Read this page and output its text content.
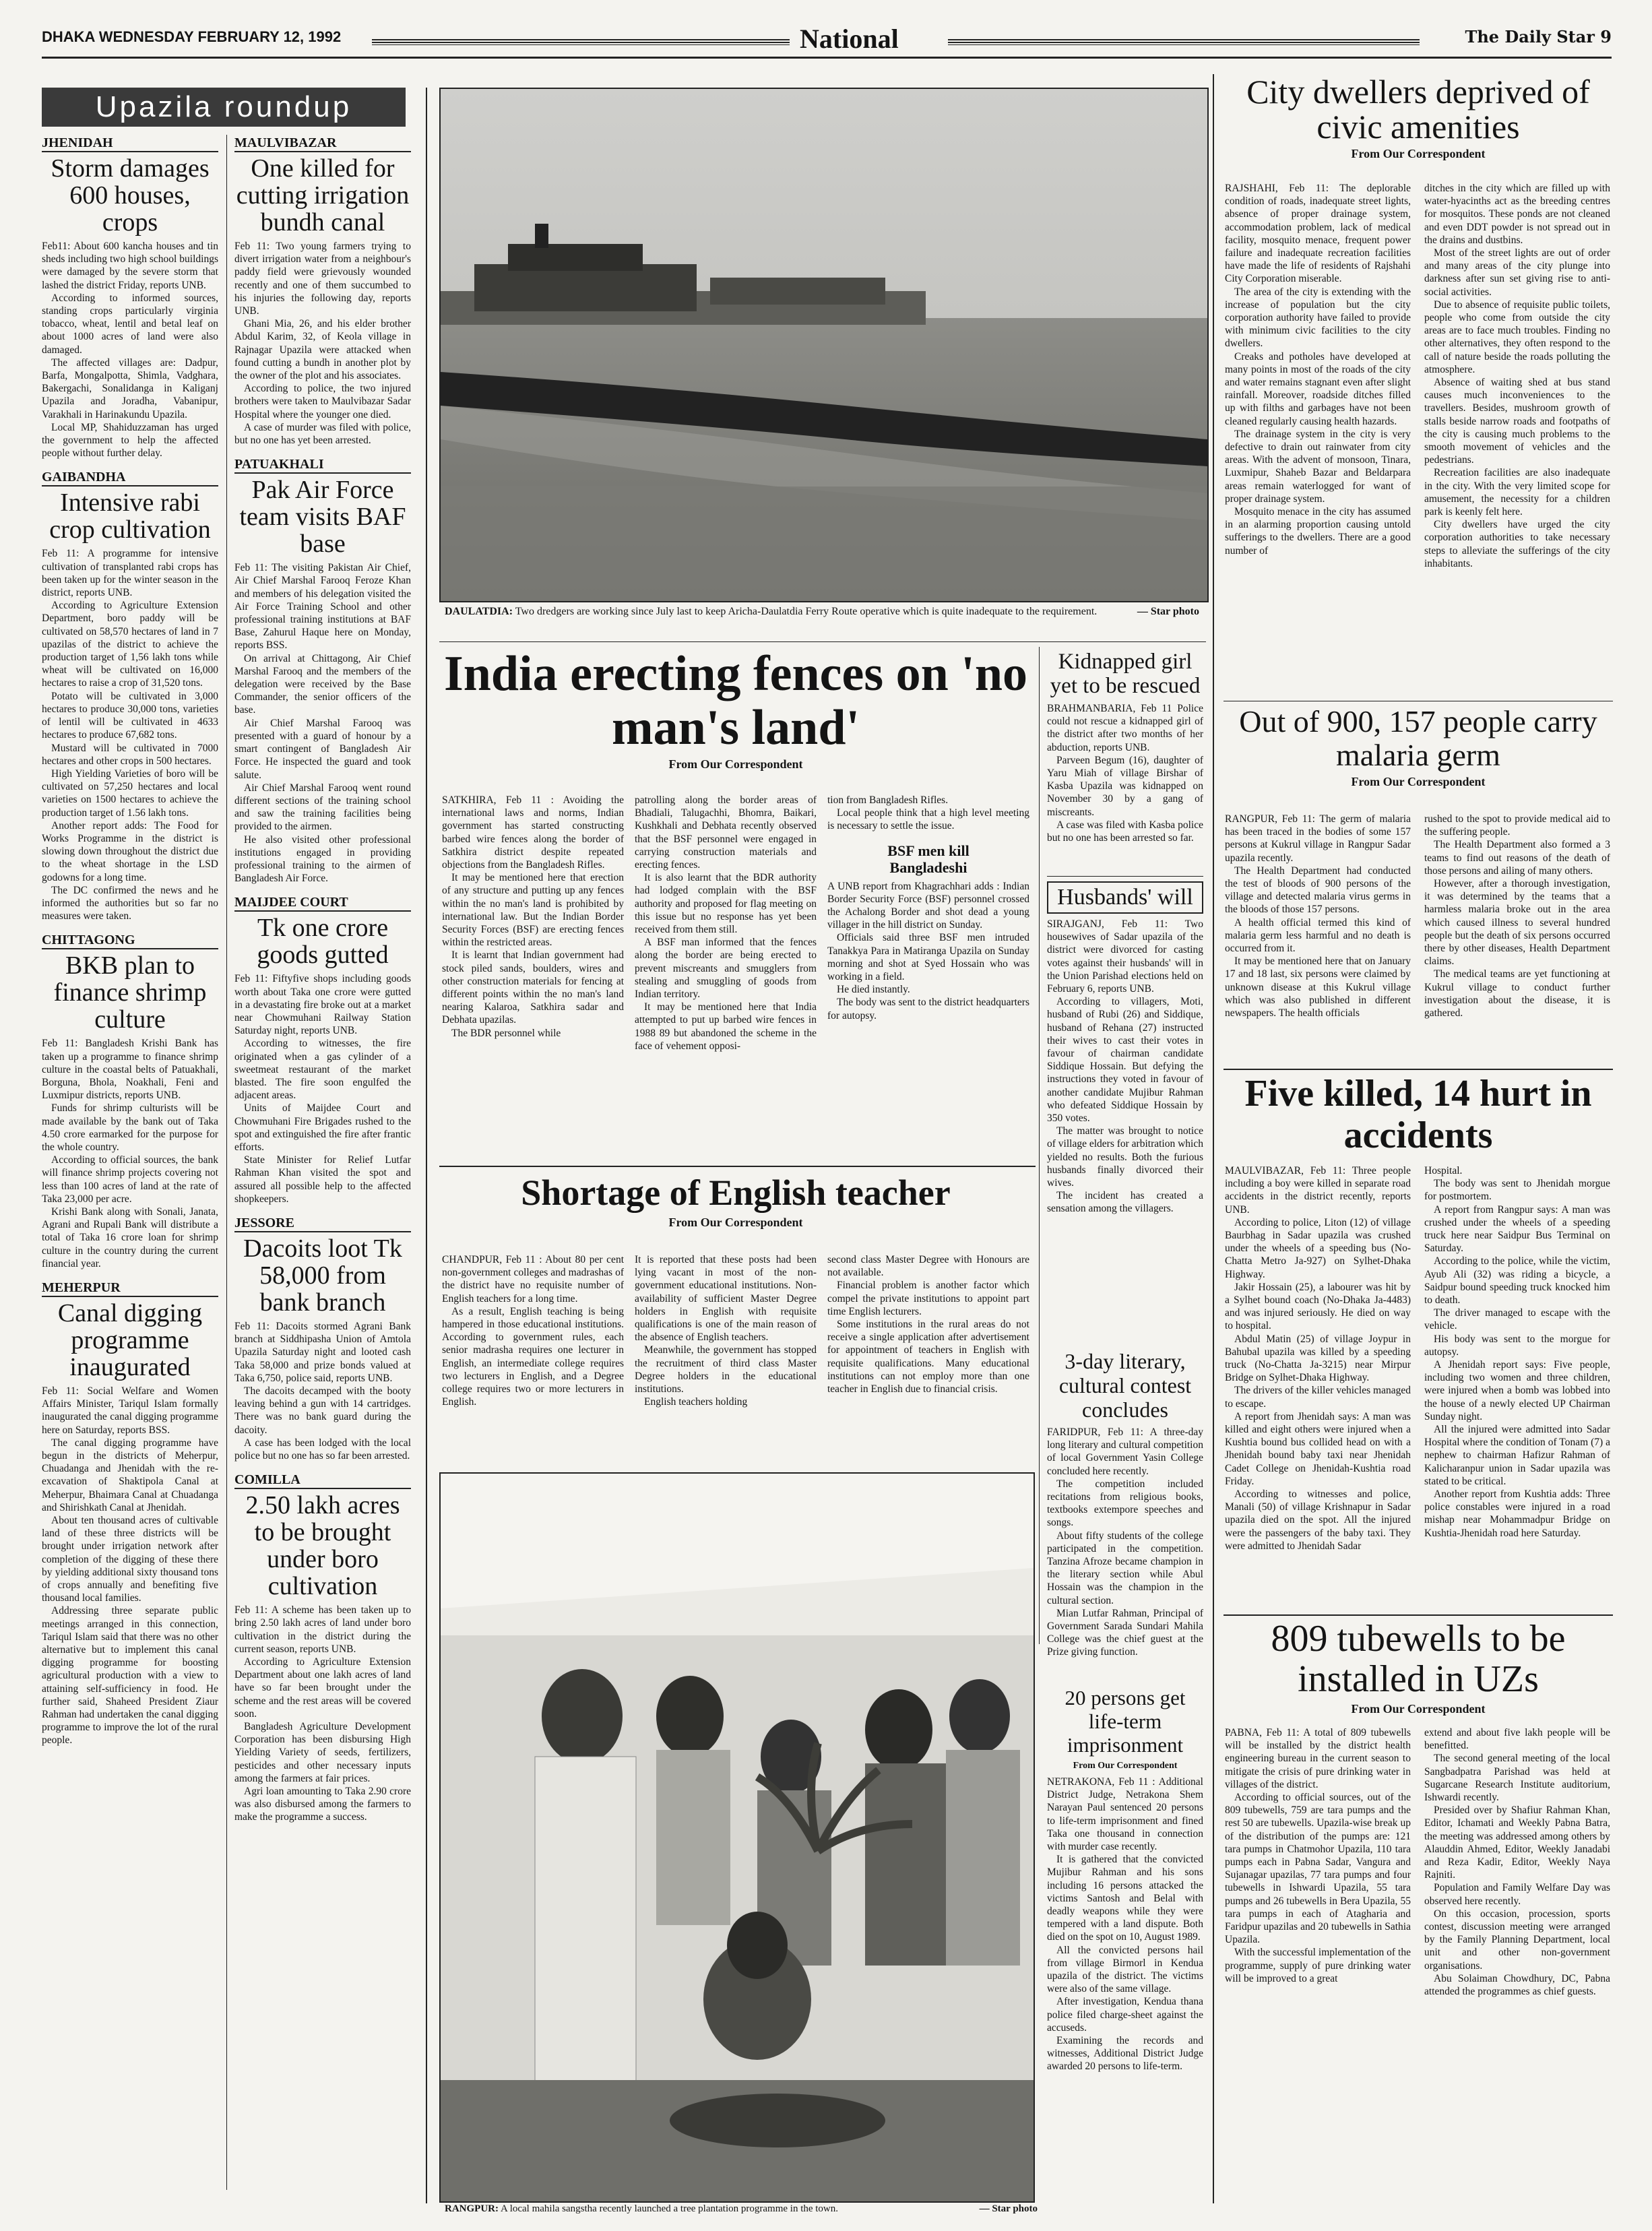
DHAKA WEDNESDAY FEBRUARY 12, 1992	National	The Daily Star 9
Upazila roundup
JHENIDAH
Storm damages 600 houses, crops

Feb11: About 600 kancha houses and tin sheds including two high school buildings were damaged by the severe storm that lashed the district Friday, reports UNB.

According to informed sources, standing crops particularly virginia tobacco, wheat, lentil and betal leaf on about 1000 acres of land were also damaged.

The affected villages are: Dadpur, Barfa, Mongalpotta, Shimla, Vadghara, Bakergachi, Sonalidanga in Kaliganj Upazila and Joradha, Vabanipur, Varakhali in Harinakundu Upazila.

Local MP, Shahiduzzaman has urged the government to help the affected people without further delay.

GAIBANDHA
Intensive rabi crop cultivation

Feb 11: A programme for intensive cultivation of transplanted rabi crops has been taken up for the winter season in the district, reports UNB.

According to Agriculture Extension Department, boro paddy will be cultivated on 58,570 hectares of land in 7 upazilas of the district to achieve the production target of 1,56 lakh tons while wheat will be cultivated on 16,000 hectares to raise a crop of 31,520 tons.

Potato will be cultivated in 3,000 hectares to produce 30,000 tons, varieties of lentil will be cultivated in 4633 hectares to produce 67,682 tons.

Mustard will be cultivated in 7000 hectares and other crops in 500 hectares.

High Yielding Varieties of boro will be cultivated on 57,250 hectares and local varieties on 1500 hectares to achieve the production target of 1.56 lakh tons.

Another report adds: The Food for Works Programme in the district is slowing down throughout the district due to the wheat shortage in the LSD godowns for a long time.

The DC confirmed the news and he informed the authorities but so far no measures were taken.

CHITTAGONG
BKB plan to finance shrimp culture

Feb 11: Bangladesh Krishi Bank has taken up a programme to finance shrimp culture in the coastal belts of Patuakhali, Borguna, Bhola, Noakhali, Feni and Luxmipur districts, reports UNB.

Funds for shrimp culturists will be made available by the bank out of Taka 4.50 crore earmarked for the purpose for the whole country.

According to official sources, the bank will finance shrimp projects covering not less than 100 acres of land at the rate of Taka 23,000 per acre.

Krishi Bank along with Sonali, Janata, Agrani and Rupali Bank will distribute a total of Taka 16 crore loan for shrimp culture in the country during the current financial year.

MEHERPUR
Canal digging programme inaugurated

Feb 11: Social Welfare and Women Affairs Minister, Tariqul Islam formally inaugurated the canal digging programme here on Saturday, reports BSS.

The canal digging programme have begun in the districts of Meherpur, Chuadanga and Jhenidah with the re-excavation of Shaktipola Canal at Meherpur, Bhaimara Canal at Chuadanga and Shirishkath Canal at Jhenidah.

About ten thousand acres of cultivable land of these three districts will be brought under irrigation network after completion of the digging of these there by yielding additional sixty thousand tons of crops annually and benefiting five thousand local families.

Addressing three separate public meetings arranged in this connection, Tariqul Islam said that there was no other alternative but to implement this canal digging programme for boosting agricultural production with a view to attaining self-sufficiency in food. He further said, Shaheed President Ziaur Rahman had undertaken the canal digging programme to improve the lot of the rural people.

MAULVIBAZAR
One killed for cutting irrigation bundh canal

Feb 11: Two young farmers trying to divert irrigation water from a neighbour's paddy field were grievously wounded recently and one of them succumbed to his injuries the following day, reports UNB.

Ghani Mia, 26, and his elder brother Abdul Karim, 32, of Keola village in Rajnagar Upazila were attacked when found cutting a bundh in another plot by the owner of the plot and his associates.

According to police, the two injured brothers were taken to Maulvibazar Sadar Hospital where the younger one died.

A case of murder was filed with police, but no one has yet been arrested.

PATUAKHALI
Pak Air Force team visits BAF base

Feb 11: The visiting Pakistan Air Chief, Air Chief Marshal Farooq Feroze Khan and members of his delegation visited the Air Force Training School and other professional training institutions at BAF Base, Zahurul Haque here on Monday, reports BSS.

On arrival at Chittagong, Air Chief Marshal Farooq and the members of the delegation were received by the Base Commander, the senior officers of the base.

Air Chief Marshal Farooq was presented with a guard of honour by a smart contingent of Bangladesh Air Force. He inspected the guard and took salute.

Air Chief Marshal Farooq went round different sections of the training school and saw the training facilities being provided to the airmen.

He also visited other professional institutions engaged in providing professional training to the airmen of Bangladesh Air Force.

MAIJDEE COURT
Tk one crore goods gutted

Feb 11: Fiftyfive shops including goods worth about Taka one crore were gutted in a devastating fire broke out at a market near Chowmuhani Railway Station Saturday night, reports UNB.

According to witnesses, the fire originated when a gas cylinder of a sweetmeat restaurant of the market blasted. The fire soon engulfed the adjacent areas.

Units of Maijdee Court and Chowmuhani Fire Brigades rushed to the spot and extinguished the fire after frantic efforts.

State Minister for Relief Lutfar Rahman Khan visited the spot and assured all possible help to the affected shopkeepers.

JESSORE
Dacoits loot Tk 58,000 from bank branch

Feb 11: Dacoits stormed Agrani Bank branch at Siddhipasha Union of Amtola Upazila Saturday night and looted cash Taka 58,000 and prize bonds valued at Taka 6,750, police said, reports UNB.

The dacoits decamped with the booty leaving behind a gun with 14 cartridges. There was no bank guard during the dacoity.

A case has been lodged with the local police but no one has so far been arrested.

COMILLA
2.50 lakh acres to be brought under boro cultivation

Feb 11: A scheme has been taken up to bring 2.50 lakh acres of land under boro cultivation in the district during the current season, reports UNB.

According to Agriculture Extension Department about one lakh acres of land have so far been brought under the scheme and the rest areas will be covered soon.

Bangladesh Agriculture Development Corporation has been disbursing High Yielding Variety of seeds, fertilizers, pesticides and other necessary inputs among the farmers at fair prices.

Agri loan amounting to Taka 2.90 crore was also disbursed among the farmers to make the programme a success.

DAULATDIA: Two dredgers are working since July last to keep Aricha-Daulatdia Ferry Route operative which is quite inadequate to the requirement.	— Star photo
India erecting fences on 'no man's land'
From Our Correspondent

SATKHIRA, Feb 11 : Avoiding the international laws and norms, Indian government has started constructing barbed wire fences along the border of Satkhira district despite repeated objections from the Bangladesh Rifles.

It may be mentioned here that erection of any structure and putting up any fences within the no man's land is prohibited by international law. But the Indian Border Security Forces (BSF) are erecting fences within the restricted areas.

It is learnt that Indian government had stock piled sands, boulders, wires and other construction materials for fencing at different points within the no man's land nearing Kalaroa, Satkhira sadar and Debhata upazilas.

The BDR personnel while

patrolling along the border areas of Bhadiali, Talugachhi, Bhomra, Baikari, Kushkhali and Debhata recently observed that the BSF personnel were engaged in carrying construction materials and erecting fences.

It is also learnt that the BDR authority had lodged complain with the BSF authority and proposed for flag meeting on this issue but no response has yet been received from them still.

A BSF man informed that the fences along the border are being erected to prevent miscreants and smugglers from stealing and smuggling of goods from Indian territory.

It may be mentioned here that India attempted to put up barbed wire fences in 1988 89 but abandoned the scheme in the face of vehement opposi-

tion from Bangladesh Rifles.

Local people think that a high level meeting is necessary to settle the issue.

BSF men kill Bangladeshi

A UNB report from Khagrachhari adds : Indian Border Security Force (BSF) personnel crossed the Achalong Border and shot dead a young villager in the hill district on Sunday.

Officials said three BSF men intruded Tanakkya Para in Matiranga Upazila on Sunday morning and shot at Syed Hossain who was working in a field.

He died instantly.

The body was sent to the district headquarters for autopsy.

Shortage of English teacher
From Our Correspondent

CHANDPUR, Feb 11 : About 80 per cent non-government colleges and madrashas of the district have no requisite number of English teachers for a long time.

As a result, English teaching is being hampered in those educational institutions. According to government rules, each senior madrasha requires one lecturer in English, an intermediate college requires two lecturers in English, and a Degree college requires two or more lecturers in English.

It is reported that these posts had been lying vacant in most of the non-government educational institutions. Non-availability of sufficient Master Degree holders in English with requisite qualifications is one of the main reason of the absence of English teachers.

Meanwhile, the government has stopped the recruitment of third class Master Degree holders in the educational institutions.

English teachers holding

second class Master Degree with Honours are not available.

Financial problem is another factor which compel the private institutions to appoint part time English lecturers.

Some institutions in the rural areas do not receive a single application after advertisement for appointment of teachers in English with requisite qualifications. Many educational institutions can not employ more than one teacher in English due to financial crisis.

RANGPUR: A local mahila sangstha recently launched a tree plantation programme in the town.	— Star photo
Kidnapped girl yet to be rescued

BRAHMANBARIA, Feb 11 Police could not rescue a kidnapped girl of the district after two months of her abduction, reports UNB.

Parveen Begum (16), daughter of Yaru Miah of village Birshar of Kasba Upazila was kidnapped on November 30 by a gang of miscreants.

A case was filed with Kasba police but no one has been arrested so far.

Husbands' will

SIRAJGANJ, Feb 11: Two housewives of Sadar upazila of the district were divorced for casting votes against their husbands' will in the Union Parishad elections held on February 6, reports UNB.

According to villagers, Moti, husband of Rubi (26) and Siddique, husband of Rehana (27) instructed their wives to cast their votes in favour of chairman candidate Siddique Hossain. But defying the instructions they voted in favour of another candidate Mujibur Rahman who defeated Siddique Hossain by 350 votes.

The matter was brought to notice of village elders for arbitration which yielded no results. Both the furious husbands finally divorced their wives.

The incident has created a sensation among the villagers.

3-day literary, cultural contest concludes

FARIDPUR, Feb 11: A three-day long literary and cultural competition of local Government Yasin College concluded here recently.

The competition included recitations from religious books, textbooks extempore speeches and songs.

About fifty students of the college participated in the competition. Tanzina Afroze became champion in the literary section while Abul Hossain was the champion in the cultural section.

Mian Lutfar Rahman, Principal of Government Sarada Sundari Mahila College was the chief guest at the Prize giving function.

20 persons get life-term imprisonment
From Our Correspondent

NETRAKONA, Feb 11 : Additional District Judge, Netrakona Shem Narayan Paul sentenced 20 persons to life-term imprisonment and fined Taka one thousand in connection with murder case recently.

It is gathered that the convicted Mujibur Rahman and his sons including 16 persons attacked the victims Santosh and Belal with deadly weapons while they were tempered with a land dispute. Both died on the spot on 10, August 1989.

All the convicted persons hail from village Birmorl in Kendua upazila of the district. The victims were also of the same village.

After investigation, Kendua thana police filed charge-sheet against the accuseds.

Examining the records and witnesses, Additional District Judge awarded 20 persons to life-term.

City dwellers deprived of civic amenities
From Our Correspondent

RAJSHAHI, Feb 11: The deplorable condition of roads, inadequate street lights, absence of proper drainage system, accommodation problem, lack of medical facility, mosquito menace, frequent power failure and inadequate recreation facilities have made the life of residents of Rajshahi City Corporation miserable.

The area of the city is extending with the increase of population but the city corporation authority have failed to provide with minimum civic facilities to the city dwellers.

Creaks and potholes have developed at many points in most of the roads of the city and water remains stagnant even after slight rainfall. Moreover, roadside ditches filled up with filths and garbages have not been cleaned regularly causing health hazards.

The drainage system in the city is very defective to drain out rainwater from city areas. With the advent of monsoon, Tinara, Luxmipur, Shaheb Bazar and Beldarpara areas remain waterlogged for want of proper drainage system.

Mosquito menace in the city has assumed in an alarming proportion causing untold sufferings to the dwellers. There are a good number of

ditches in the city which are filled up with water-hyacinths act as the breeding centres for mosquitos. These ponds are not cleaned and even DDT powder is not spread out in the drains and dustbins.

Most of the street lights are out of order and many areas of the city plunge into darkness after sun set giving rise to anti-social activities.

Due to absence of requisite public toilets, people who come from outside the city areas are to face much troubles. Finding no other alternatives, they often respond to the call of nature beside the roads polluting the atmosphere.

Absence of waiting shed at bus stand causes much inconveniences to the travellers. Besides, mushroom growth of stalls beside narrow roads and footpaths of the city is causing much problems to the smooth movement of vehicles and the pedestrians.

Recreation facilities are also inadequate in the city. With the very limited scope for amusement, the necessity for a children park is keenly felt here.

City dwellers have urged the city corporation authorities to take necessary steps to alleviate the sufferings of the city inhabitants.

Out of 900, 157 people carry malaria germ
From Our Correspondent

RANGPUR, Feb 11: The germ of malaria has been traced in the bodies of some 157 persons at Kukrul village in Rangpur Sadar upazila recently.

The Health Department had conducted the test of bloods of 900 persons of the village and detected malaria virus germs in the bloods of those 157 persons.

A health official termed this kind of malaria germ less harmful and no death is occurred from it.

It may be mentioned here that on January 17 and 18 last, six persons were claimed by unknown disease at this Kukrul village which was also published in different newspapers. The health officials

rushed to the spot to provide medical aid to the suffering people.

The Health Department also formed a 3 teams to find out reasons of the death of those persons and ailing of many others.

However, after a thorough investigation, it was determined by the teams that a harmless malaria broke out in the area which caused illness to several hundred people but the death of six persons occurred there by other diseases, Health Department claims.

The medical teams are yet functioning at Kukrul village to conduct further investigation about the disease, it is gathered.

Five killed, 14 hurt in accidents

MAULVIBAZAR, Feb 11: Three people including a boy were killed in separate road accidents in the district recently, reports UNB.

According to police, Liton (12) of village Baurbhag in Sadar upazila was crushed under the wheels of a speeding bus (No-Chatta Metro Ja-927) on Sylhet-Dhaka Highway.

Jakir Hossain (25), a labourer was hit by a Sylhet bound coach (No-Dhaka Ja-4483) and was injured seriously. He died on way to hospital.

Abdul Matin (25) of village Joypur in Bahubal upazila was killed by a speeding truck (No-Chatta Ja-3215) near Mirpur Bridge on Sylhet-Dhaka Highway.

The drivers of the killer vehicles managed to escape.

A report from Jhenidah says: A man was killed and eight others were injured when a Kushtia bound bus collided head on with a Jhenidah bound baby taxi near Jhenidah Cadet College on Jhenidah-Kushtia road Friday.

According to witnesses and police, Manali (50) of village Krishnapur in Sadar upazila died on the spot. All the injured were the passengers of the baby taxi. They were admitted to Jhenidah Sadar

Hospital.

The body was sent to Jhenidah morgue for postmortem.

A report from Rangpur says: A man was crushed under the wheels of a speeding truck here near Saidpur Bus Terminal on Saturday.

According to the police, while the victim, Ayub Ali (32) was riding a bicycle, a Saidpur bound speeding truck knocked him to death.

The driver managed to escape with the vehicle.

His body was sent to the morgue for autopsy.

A Jhenidah report says: Five people, including two women and three children, were injured when a bomb was lobbed into the house of a newly elected UP Chairman Sunday night.

All the injured were admitted into Sadar Hospital where the condition of Tonam (7) a nephew to chairman Hafizur Rahman of Kalicharanpur union in Sadar upazila was stated to be critical.

Another report from Kushtia adds: Three police constables were injured in a road mishap near Mohammadpur Bridge on Kushtia-Jhenidah road here Saturday.

809 tubewells to be installed in UZs
From Our Correspondent

PABNA, Feb 11: A total of 809 tubewells will be installed by the district health engineering bureau in the current season to mitigate the crisis of pure drinking water in villages of the district.

According to official sources, out of the 809 tubewells, 759 are tara pumps and the rest 50 are tubewells. Upazila-wise break up of the distribution of the pumps are: 121 tara pumps in Chatmohor Upazila, 110 tara pumps each in Pabna Sadar, Vangura and Sujanagar upazilas, 77 tara pumps and four tubewells in Ishwardi Upazila, 55 tara pumps and 26 tubewells in Bera Upazila, 55 tara pumps in each of Atagharia and Faridpur upazilas and 20 tubewells in Sathia Upazila.

With the successful implementation of the programme, supply of pure drinking water will be improved to a great

extend and about five lakh people will be benefitted.

The second general meeting of the local Sangbadpatra Parishad was held at Sugarcane Research Institute auditorium, Ishwardi recently.

Presided over by Shafiur Rahman Khan, Editor, Ichamati and Weekly Pabna Batra, the meeting was addressed among others by Alauddin Ahmed, Editor, Weekly Janadabi and Reza Kadir, Editor, Weekly Naya Rajniti.

Population and Family Welfare Day was observed here recently.

On this occasion, procession, sports contest, discussion meeting were arranged by the Family Planning Department, local unit and other non-government organisations.

Abu Solaiman Chowdhury, DC, Pabna attended the programmes as chief guests.
